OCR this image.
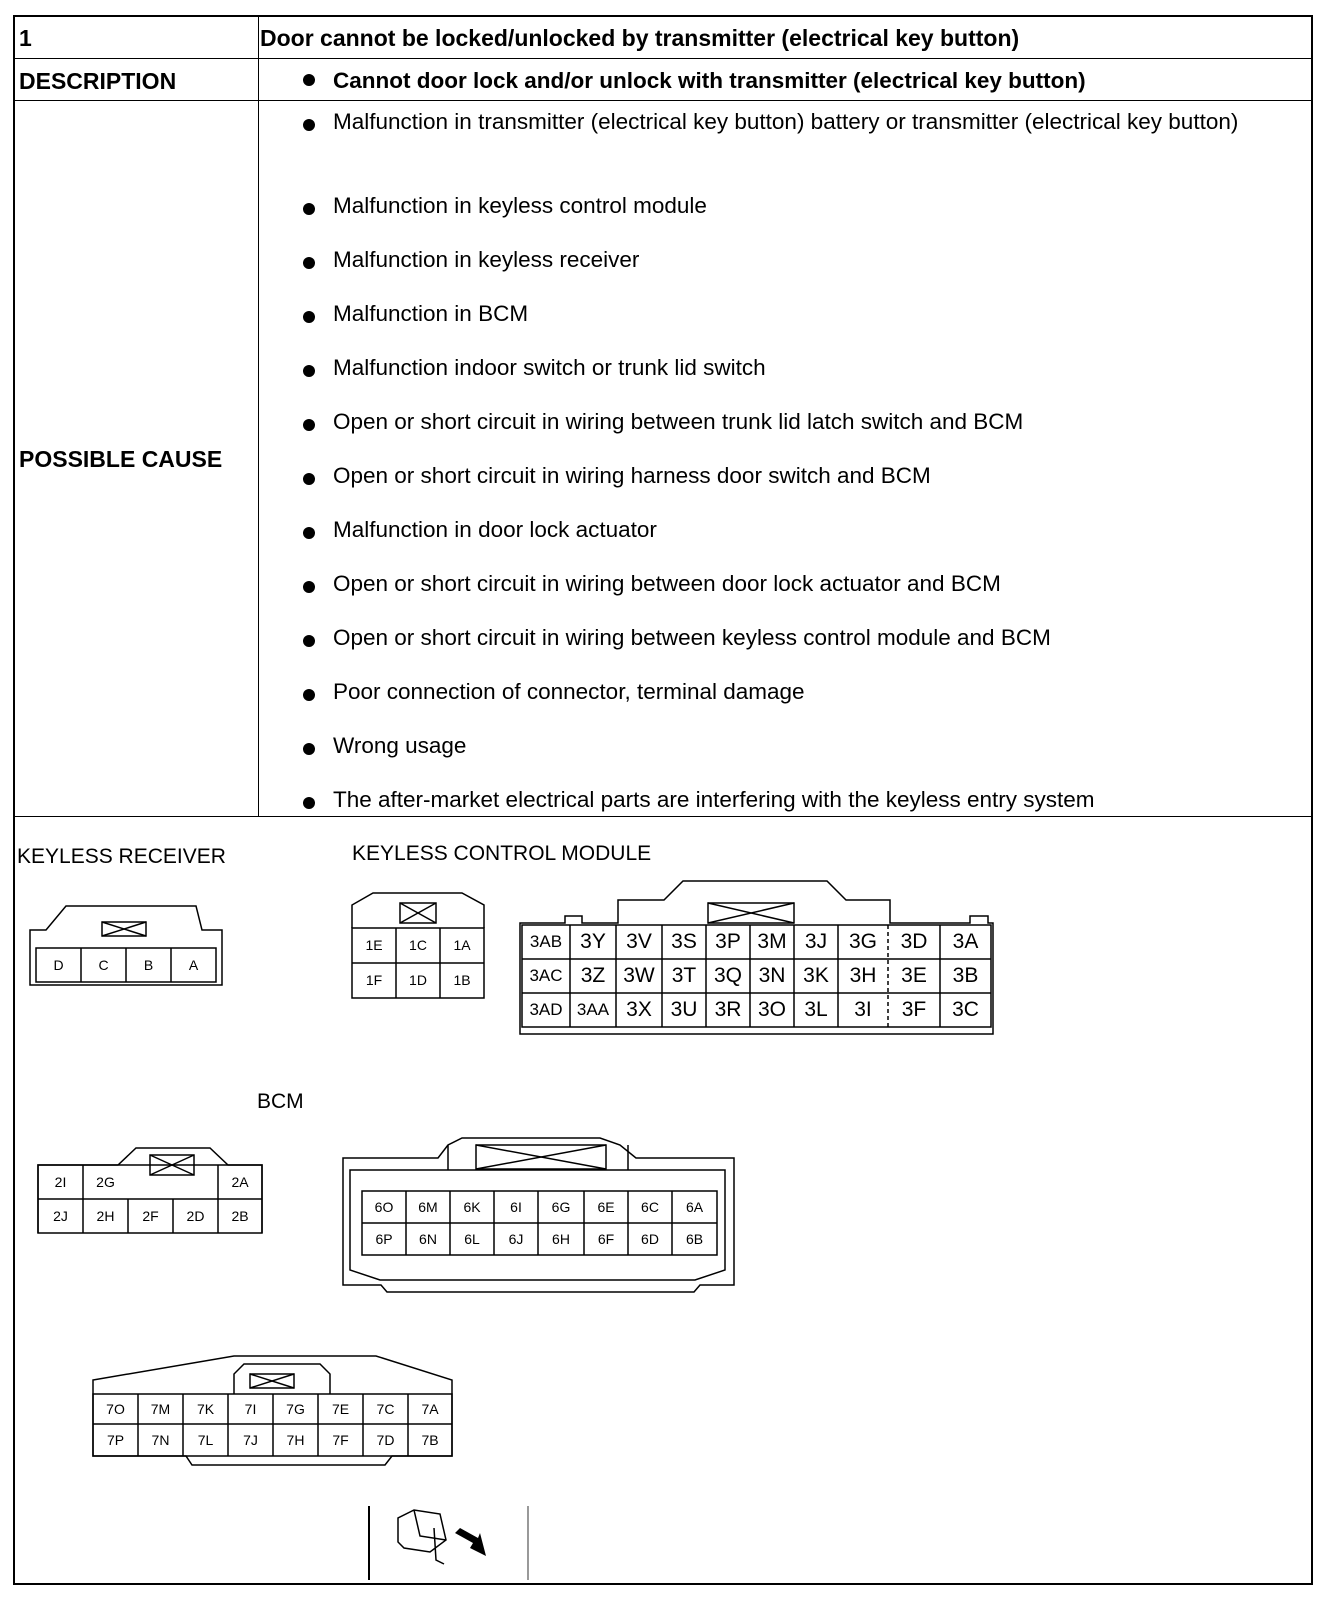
1	Door cannot be locked/unlocked by transmitter (electrical key button)
DESCRIPTION	Cannot door lock and/or unlock with transmitter (electrical key button)
POSSIBLE CAUSE
Malfunction in transmitter (electrical key button) battery or transmitter (electrical key button)
Malfunction in keyless control module
Malfunction in keyless receiver
Malfunction in BCM
Malfunction indoor switch or trunk lid switch
Open or short circuit in wiring between trunk lid latch switch and BCM
Open or short circuit in wiring harness door switch and BCM
Malfunction in door lock actuator
Open or short circuit in wiring between door lock actuator and BCM
Open or short circuit in wiring between keyless control module and BCM
Poor connection of connector, terminal damage
Wrong usage
The after-market electrical parts are interfering with the keyless entry system
KEYLESS RECEIVER	KEYLESS CONTROL MODULE
BCM
D	C	B	A
1E	1C	1A
1F	1D	1B
3AB 3Y 3V 3S 3P 3M 3J	3G	3D	3A
3AC 3Z 3W 3T 3Q 3N 3K 3H	3E	3B
3AD 3AA 3X 3U 3R 3O 3L	3I	3F	3C
2I	2G	2A
2J	2H	2F	2D	2B
6O	6M	6K	6I	6G	6E	6C	6A
6P	6N	6L	6J	6H	6F	6D	6B
7O	7M	7K	7I	7G	7E	7C	7A
7P	7N	7L	7J	7H	7F	7D	7B
